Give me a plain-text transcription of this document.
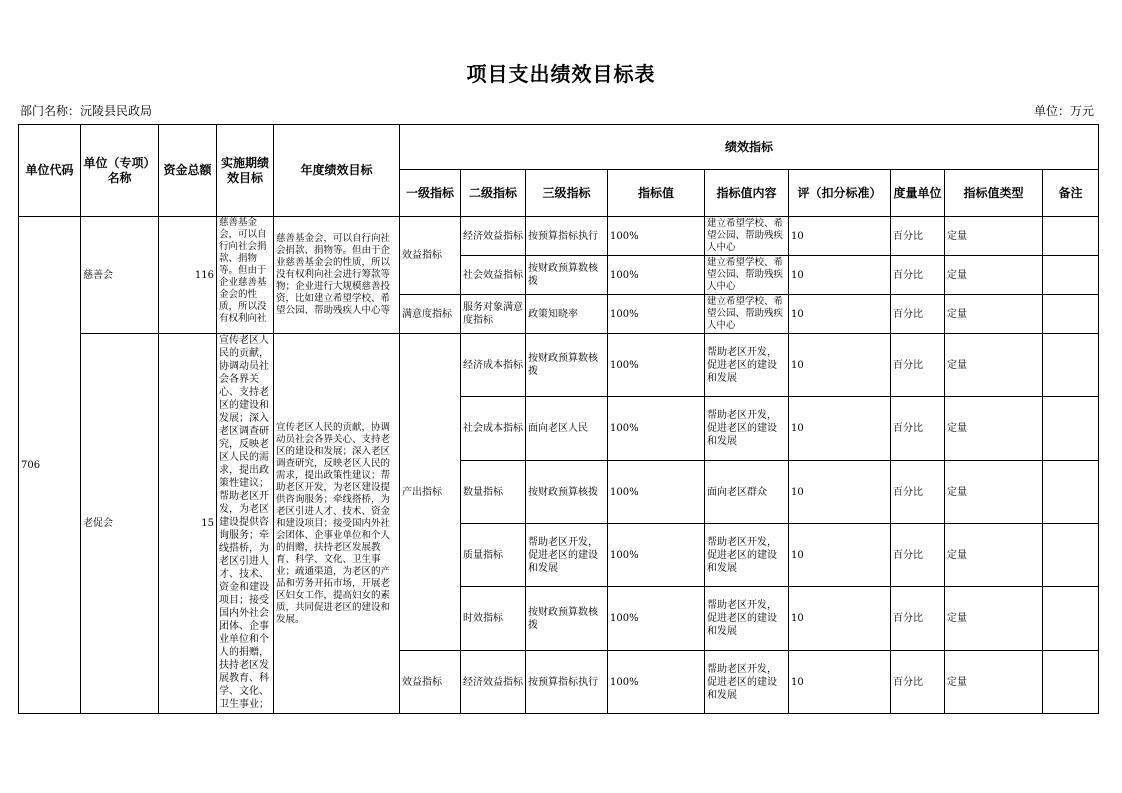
项目支出绩效目标表
部门名称：沅陵县民政局	单位：万元
单位代码	单位（专项）名称	资金总额	实施期绩效目标	年度绩效目标	绩效指标								
					一级指标	二级指标	三级指标	指标值	指标值内容	评（扣分标准）	度量单位	指标值类型	备注
706	慈善会	116	慈善基金会，可以自行向社会捐款、捐物等。但由于企业慈善基金会的性质，所以没有权利向社	慈善基金会，可以自行向社会捐款、捐物等。但由于企业慈善基金会的性质，所以没有权利向社会进行筹款等物；企业进行大规模慈善投资，比如建立希望学校、希望公园、帮助残疾人中心等	效益指标	经济效益指标	按预算指标执行	100%	建立希望学校、希望公园、帮助残疾人中心	10	百分比	定量	
						社会效益指标	按财政预算数核拨	100%	建立希望学校、希望公园、帮助残疾人中心	10	百分比	定量	
					满意度指标	服务对象满意度指标	政策知晓率	100%	建立希望学校、希望公园、帮助残疾人中心	10	百分比	定量	
	老促会	15	宣传老区人民的贡献，协调动员社会各界关心、支持老区的建设和发展；深入老区调查研究，反映老区人民的需求，提出政策性建议；帮助老区开发，为老区建设提供咨询服务；牵线搭桥，为老区引进人才、技术、资金和建设项目；接受国内外社会团体、企事业单位和个人的捐赠，扶持老区发展教育、科学、文化、卫生事业；	宣传老区人民的贡献，协调动员社会各界关心、支持老区的建设和发展；深入老区调查研究，反映老区人民的需求，提出政策性建议；帮助老区开发，为老区建设提供咨询服务；牵线搭桥，为老区引进人才、技术、资金和建设项目；接受国内外社会团体、企事业单位和个人的捐赠，扶持老区发展教育、科学、文化、卫生事业；疏通渠道，为老区的产品和劳务开拓市场，开展老区妇女工作，提高妇女的素质，共同促进老区的建设和发展。	产出指标	经济成本指标	按财政预算数核拨	100%	帮助老区开发，促进老区的建设和发展	10	百分比	定量	
						社会成本指标	面向老区人民	100%	帮助老区开发，促进老区的建设和发展	10	百分比	定量	
						数量指标	按财政预算核拨	100%	面向老区群众	10	百分比	定量	
						质量指标	帮助老区开发，促进老区的建设和发展	100%	帮助老区开发，促进老区的建设和发展	10	百分比	定量	
						时效指标	按财政预算数核拨	100%	帮助老区开发，促进老区的建设和发展	10	百分比	定量	
					效益指标	经济效益指标	按预算指标执行	100%	帮助老区开发，促进老区的建设和发展	10	百分比	定量	
